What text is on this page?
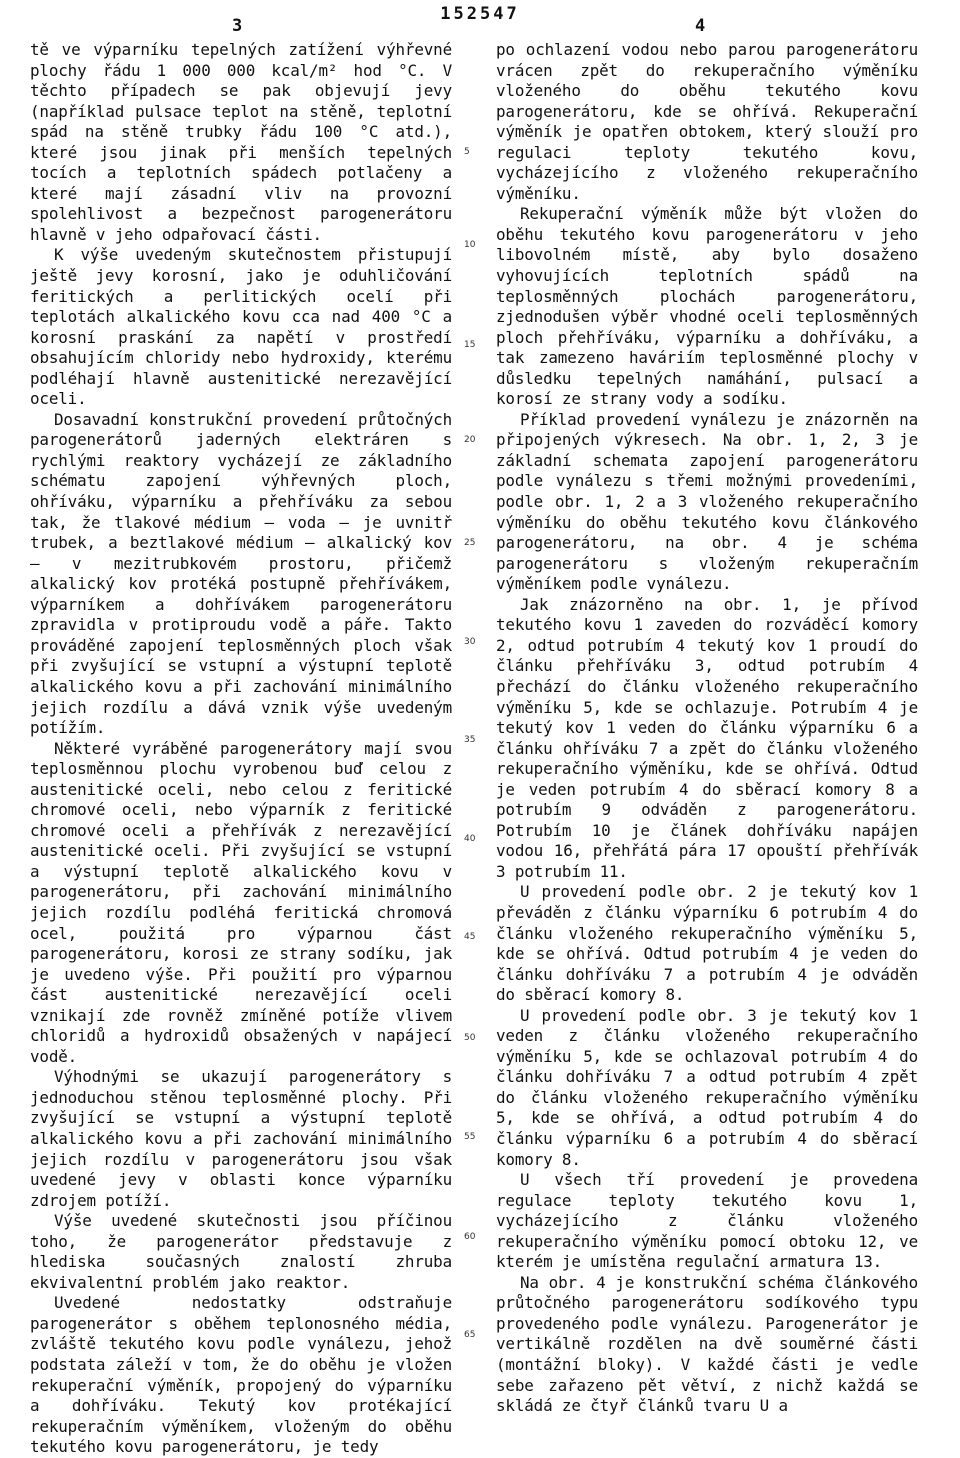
3
152547
4

tě ve výparníku tepelných zatížení výhřevné plochy řádu 1 000 000 kcal/m² hod °C. V těchto případech se pak objevují jevy (například pulsace teplot na stěně, teplotní spád na stěně trubky řádu 100 °C atd.), které jsou jinak při menších tepelných tocích a teplotních spádech potlačeny a které mají zásadní vliv na provozní spolehlivost a bezpečnost parogenerátoru hlavně v jeho odpařovací části.

K výše uvedeným skutečnostem přistupují ještě jevy korosní, jako je oduhličování feritických a perlitických ocelí při teplotách alkalického kovu cca nad 400 °C a korosní praskání za napětí v prostředí obsahujícím chloridy nebo hydroxidy, kterému podléhají hlavně austenitické nerezavějící oceli.

Dosavadní konstrukční provedení průtočných parogenerátorů jaderných elektráren s rychlými reaktory vycházejí ze základního schématu zapojení výhřevných ploch, ohříváku, výparníku a přehříváku za sebou tak, že tlakové médium — voda — je uvnitř trubek, a beztlakové médium — alkalický kov — v mezitrubkovém prostoru, přičemž alkalický kov protéká postupně přehřívákem, výparníkem a dohřívákem parogenerátoru zpravidla v protiproudu vodě a páře. Takto prováděné zapojení teplosměnných ploch však při zvyšující se vstupní a výstupní teplotě alkalického kovu a při zachování minimálního jejich rozdílu a dává vznik výše uvedeným potížím.

Některé vyráběné parogenerátory mají svou teplosměnnou plochu vyrobenou buď celou z austenitické oceli, nebo celou z feritické chromové oceli, nebo výparník z feritické chromové oceli a přehřívák z nerezavějící austenitické oceli. Při zvyšující se vstupní a výstupní teplotě alkalického kovu v parogenerátoru, při zachování minimálního jejich rozdílu podléhá feritická chromová ocel, použitá pro výparnou část parogenerátoru, korosi ze strany sodíku, jak je uvedeno výše. Při použití pro výparnou část austenitické nerezavějící oceli vznikají zde rovněž zmíněné potíže vlivem chloridů a hydroxidů obsažených v napájecí vodě.

Výhodnými se ukazují parogenerátory s jednoduchou stěnou teplosměnné plochy. Při zvyšující se vstupní a výstupní teplotě alkalického kovu a při zachování minimálního jejich rozdílu v parogenerátoru jsou však uvedené jevy v oblasti konce výparníku zdrojem potíží.

Výše uvedené skutečnosti jsou příčinou toho, že parogenerátor představuje z hlediska současných znalostí zhruba ekvivalentní problém jako reaktor.

Uvedené nedostatky odstraňuje parogenerátor s oběhem teplonosného média, zvláště tekutého kovu podle vynálezu, jehož podstata záleží v tom, že do oběhu je vložen rekuperační výměník, propojený do výparníku a dohříváku. Tekutý kov protékající rekuperačním výměníkem, vloženým do oběhu tekutého kovu parogenerátoru, je tedy

po ochlazení vodou nebo parou parogenerátoru vrácen zpět do rekuperačního výměníku vloženého do oběhu tekutého kovu parogenerátoru, kde se ohřívá. Rekuperační výměník je opatřen obtokem, který slouží pro regulaci teploty tekutého kovu, vycházejícího z vloženého rekuperačního výměníku.

Rekuperační výměník může být vložen do oběhu tekutého kovu parogenerátoru v jeho libovolném místě, aby bylo dosaženo vyhovujících teplotních spádů na teplosměnných plochách parogenerátoru, zjednodušen výběr vhodné oceli teplosměnných ploch přehříváku, výparníku a dohříváku, a tak zamezeno haváriím teplosměnné plochy v důsledku tepelných namáhání, pulsací a korosí ze strany vody a sodíku.

Příklad provedení vynálezu je znázorněn na připojených výkresech. Na obr. 1, 2, 3 je základní schemata zapojení parogenerátoru podle vynálezu s třemi možnými provedeními, podle obr. 1, 2 a 3 vloženého rekuperačního výměníku do oběhu tekutého kovu článkového parogenerátoru, na obr. 4 je schéma parogenerátoru s vloženým rekuperačním výměníkem podle vynálezu.

Jak znázorněno na obr. 1, je přívod tekutého kovu 1 zaveden do rozváděcí komory 2, odtud potrubím 4 tekutý kov 1 proudí do článku přehříváku 3, odtud potrubím 4 přechází do článku vloženého rekuperačního výměníku 5, kde se ochlazuje. Potrubím 4 je tekutý kov 1 veden do článku výparníku 6 a článku ohříváku 7 a zpět do článku vloženého rekuperačního výměníku, kde se ohřívá. Odtud je veden potrubím 4 do sběrací komory 8 a potrubím 9 odváděn z parogenerátoru. Potrubím 10 je článek dohříváku napájen vodou 16, přehřátá pára 17 opouští přehřívák 3 potrubím 11.

U provedení podle obr. 2 je tekutý kov 1 převáděn z článku výparníku 6 potrubím 4 do článku vloženého rekuperačního výměníku 5, kde se ohřívá. Odtud potrubím 4 je veden do článku dohříváku 7 a potrubím 4 je odváděn do sběrací komory 8.

U provedení podle obr. 3 je tekutý kov 1 veden z článku vloženého rekuperačního výměníku 5, kde se ochlazoval potrubím 4 do článku dohříváku 7 a odtud potrubím 4 zpět do článku vloženého rekuperačního výměníku 5, kde se ohřívá, a odtud potrubím 4 do článku výparníku 6 a potrubím 4 do sběrací komory 8.

U všech tří provedení je provedena regulace teploty tekutého kovu 1, vycházejícího z článku vloženého rekuperačního výměníku pomocí obtoku 12, ve kterém je umístěna regulační armatura 13.

Na obr. 4 je konstrukční schéma článkového průtočného parogenerátoru sodíkového typu provedeného podle vynálezu. Parogenerátor je vertikálně rozdělen na dvě souměrné části (montážní bloky). V každé části je vedle sebe zařazeno pět větví, z nichž každá se skládá ze čtyř článků tvaru U a

5
10
15
20
25
30
35
40
45
50
55
60
65
